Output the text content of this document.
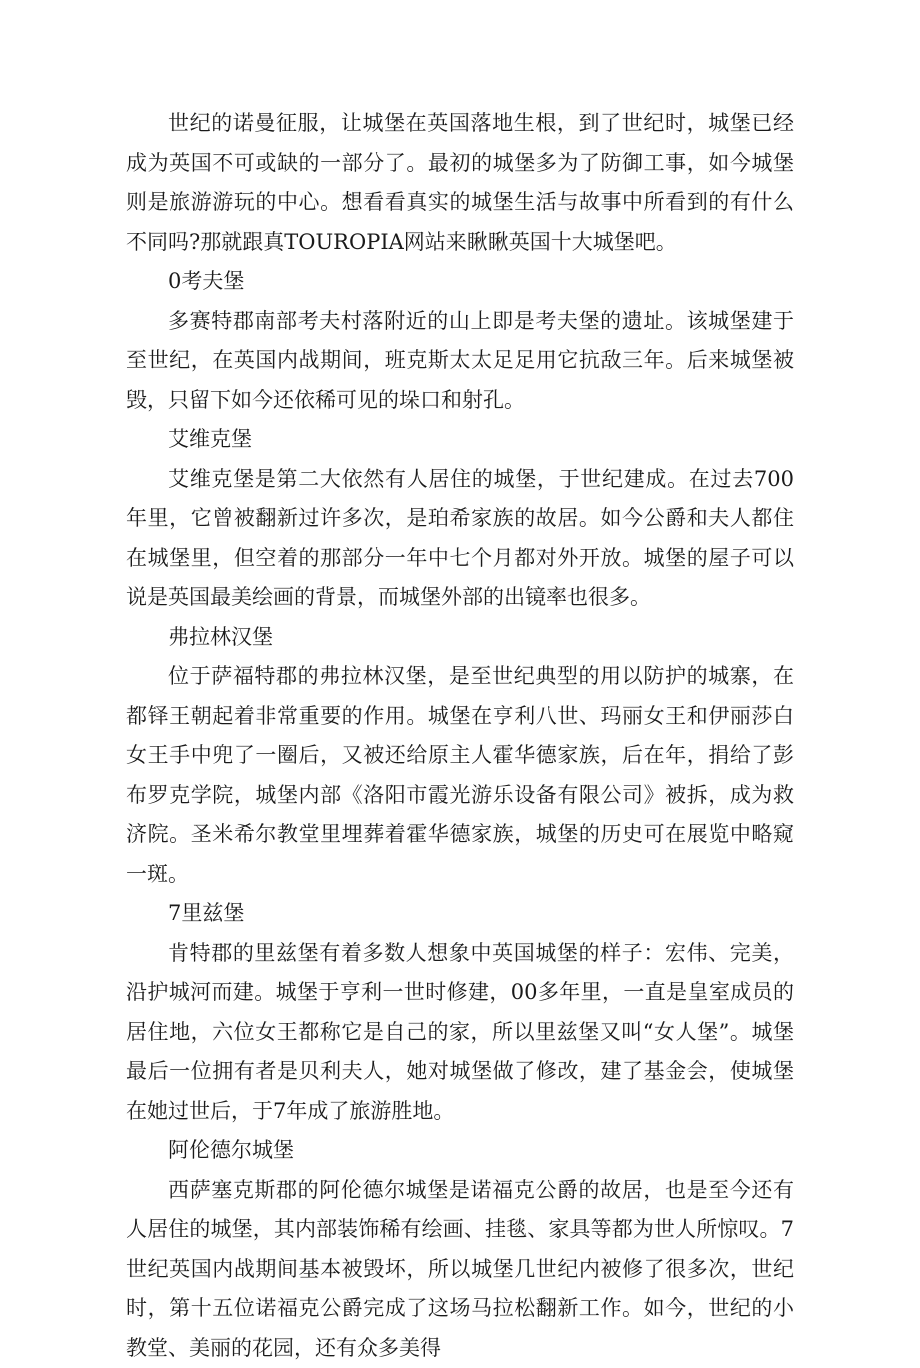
世纪的诺曼征服，让城堡在英国落地生根，到了世纪时，城堡已经成为英国不可或缺的一部分了。最初的城堡多为了防御工事，如今城堡则是旅游游玩的中心。想看看真实的城堡生活与故事中所看到的有什么不同吗?那就跟真TOUROPIA网站来瞅瞅英国十大城堡吧。

0考夫堡

多赛特郡南部考夫村落附近的山上即是考夫堡的遗址。该城堡建于至世纪，在英国内战期间，班克斯太太足足用它抗敌三年。后来城堡被毁，只留下如今还依稀可见的垛口和射孔。

艾维克堡

艾维克堡是第二大依然有人居住的城堡，于世纪建成。在过去700年里，它曾被翻新过许多次，是珀希家族的故居。如今公爵和夫人都住在城堡里，但空着的那部分一年中七个月都对外开放。城堡的屋子可以说是英国最美绘画的背景，而城堡外部的出镜率也很多。

弗拉林汉堡

位于萨福特郡的弗拉林汉堡，是至世纪典型的用以防护的城寨，在都铎王朝起着非常重要的作用。城堡在亨利八世、玛丽女王和伊丽莎白女王手中兜了一圈后，又被还给原主人霍华德家族，后在年，捐给了彭布罗克学院，城堡内部《洛阳市霞光游乐设备有限公司》被拆，成为救济院。圣米希尔教堂里埋葬着霍华德家族，城堡的历史可在展览中略窥一斑。

7里兹堡

肯特郡的里兹堡有着多数人想象中英国城堡的样子：宏伟、完美，沿护城河而建。城堡于亨利一世时修建，00多年里，一直是皇室成员的居住地，六位女王都称它是自己的家，所以里兹堡又叫“女人堡”。城堡最后一位拥有者是贝利夫人，她对城堡做了修改，建了基金会，使城堡在她过世后，于7年成了旅游胜地。

阿伦德尔城堡

西萨塞克斯郡的阿伦德尔城堡是诺福克公爵的故居，也是至今还有人居住的城堡，其内部装饰稀有绘画、挂毯、家具等都为世人所惊叹。7世纪英国内战期间基本被毁坏，所以城堡几世纪内被修了很多次，世纪时，第十五位诺福克公爵完成了这场马拉松翻新工作。如今，世纪的小教堂、美丽的花园，还有众多美得
